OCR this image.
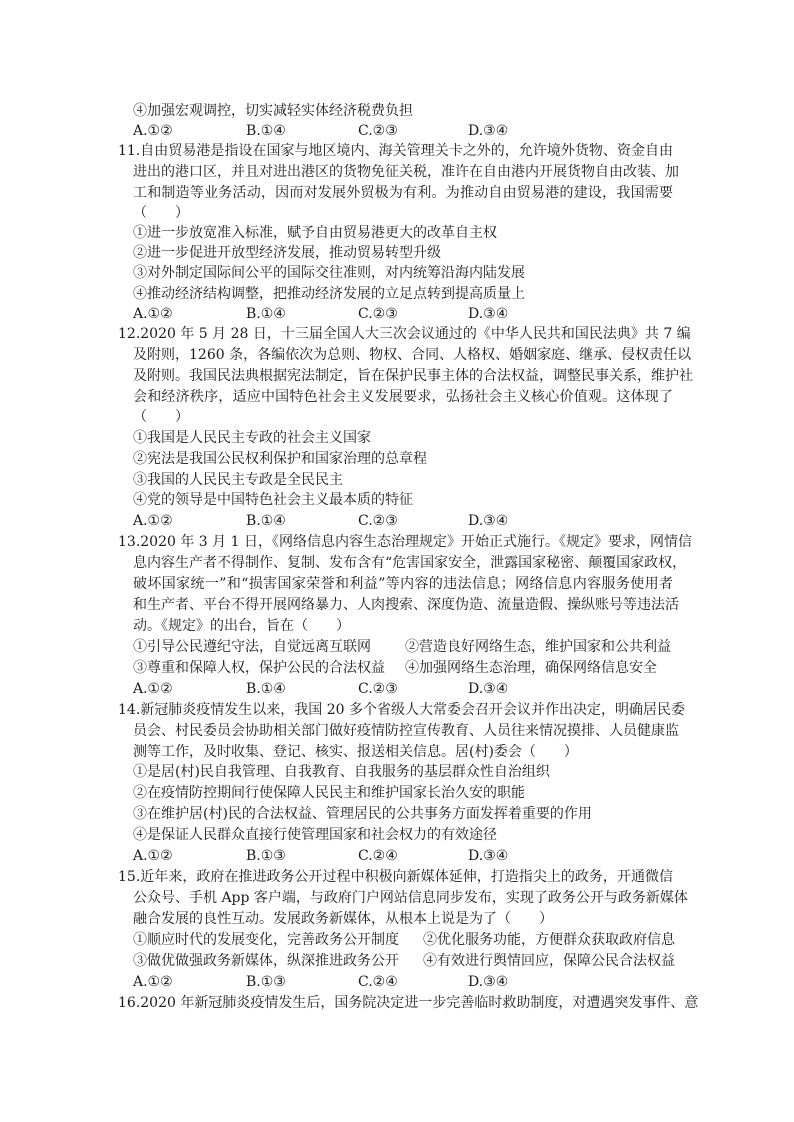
④加强宏观调控，切实减轻实体经济税费负担
A.①②	B.①④	C.②③	D.③④
11.自由贸易港是指设在国家与地区境内、海关管理关卡之外的，允许境外货物、资金自由
进出的港口区，并且对进出港区的货物免征关税，准许在自由港内开展货物自由改装、加
工和制造等业务活动，因而对发展外贸极为有利。为推动自由贸易港的建设，我国需要
（　　）
①进一步放宽准入标准，赋予自由贸易港更大的改革自主权
②进一步促进开放型经济发展，推动贸易转型升级
③对外制定国际间公平的国际交往准则，对内统筹沿海内陆发展
④推动经济结构调整，把推动经济发展的立足点转到提高质量上
A.①②	B.①④	C.②③	D.③④
12.2020 年 5 月 28 日，十三届全国人大三次会议通过的《中华人民共和国民法典》共 7 编
及附则，1260 条，各编依次为总则、物权、合同、人格权、婚姻家庭、继承、侵权责任以
及附则。我国民法典根据宪法制定，旨在保护民事主体的合法权益，调整民事关系，维护社
会和经济秩序，适应中国特色社会主义发展要求，弘扬社会主义核心价值观。这体现了
（　　）
①我国是人民民主专政的社会主义国家
②宪法是我国公民权利保护和国家治理的总章程
③我国的人民民主专政是全民民主
④党的领导是中国特色社会主义最本质的特征
A.①②	B.①④	C.②③	D.③④
13.2020 年 3 月 1 日，《网络信息内容生态治理规定》开始正式施行。《规定》要求，网情信
息内容生产者不得制作、复制、发布含有“危害国家安全，泄露国家秘密、颠覆国家政权，
破坏国家统一”和“损害国家荣誉和利益”等内容的违法信息；网络信息内容服务使用者
和生产者、平台不得开展网络暴力、人肉搜索、深度伪造、流量造假、操纵账号等违法活
动。《规定》的出台，旨在（　　）
①引导公民遵纪守法，自觉远离互联网 ②营造良好网络生态，维护国家和公共利益
③尊重和保障人权，保护公民的合法权益 ④加强网络生态治理，确保网络信息安全
A.①②	B.①④	C.②③	D.③④
14.新冠肺炎疫情发生以来，我国 20 多个省级人大常委会召开会议并作出决定，明确居民委
员会、村民委员会协助相关部门做好疫情防控宣传教育、人员往来情况摸排、人员健康监
测等工作，及时收集、登记、核实、报送相关信息。居(村)委会（　　）
①是居(村)民自我管理、自我教育、自我服务的基层群众性自治组织
②在疫情防控期间行使保障人民民主和维护国家长治久安的职能
③在维护居(村)民的合法权益、管理居民的公共事务方面发挥着重要的作用
④是保证人民群众直接行使管理国家和社会权力的有效途径
A.①②	B.①③	C.②④	D.③④
15.近年来，政府在推进政务公开过程中积极向新媒体延伸，打造指尖上的政务，开通微信
公众号、手机 App 客户端，与政府门户网站信息同步发布，实现了政务公开与政务新媒体
融合发展的良性互动。发展政务新媒体，从根本上说是为了（　　）
①顺应时代的发展变化，完善政务公开制度 ②优化服务功能，方便群众获取政府信息
③做优做强政务新媒体，纵深推进政务公开 ④有效进行舆情回应，保障公民合法权益
A.①②	B.①③	C.②④	D.③④
16.2020 年新冠肺炎疫情发生后，国务院决定进一步完善临时救助制度，对遭遇突发事件、意
